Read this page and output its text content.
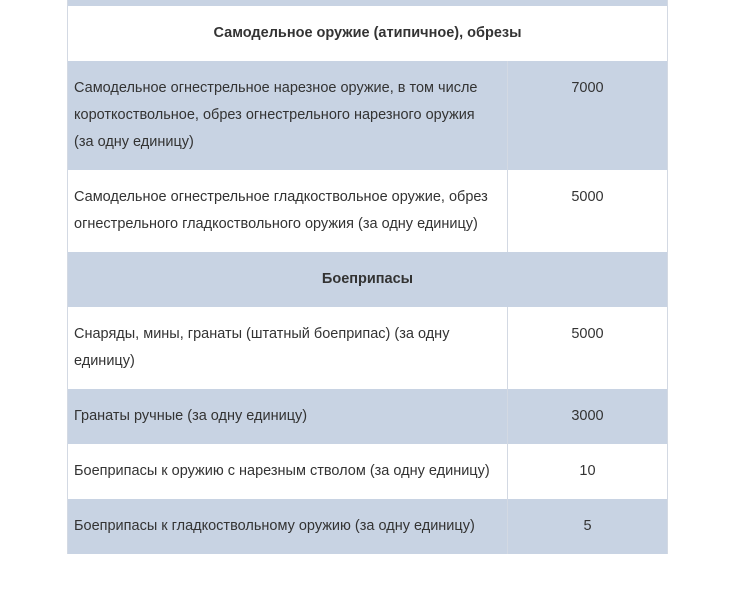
Самодельное оружие (атипичное), обрезы	
Самодельное огнестрельное нарезное оружие, в том числе короткоствольное, обрез огнестрельного нарезного оружия (за одну единицу)	7000
Самодельное огнестрельное гладкоствольное оружие, обрез огнестрельного гладкоствольного оружия (за одну единицу)	5000
Боеприпасы	
Снаряды, мины, гранаты (штатный боеприпас) (за одну единицу)	5000
Гранаты ручные (за одну единицу)	3000
Боеприпасы к оружию с нарезным стволом (за одну единицу)	10
Боеприпасы к гладкоствольному оружию (за одну единицу)	5
